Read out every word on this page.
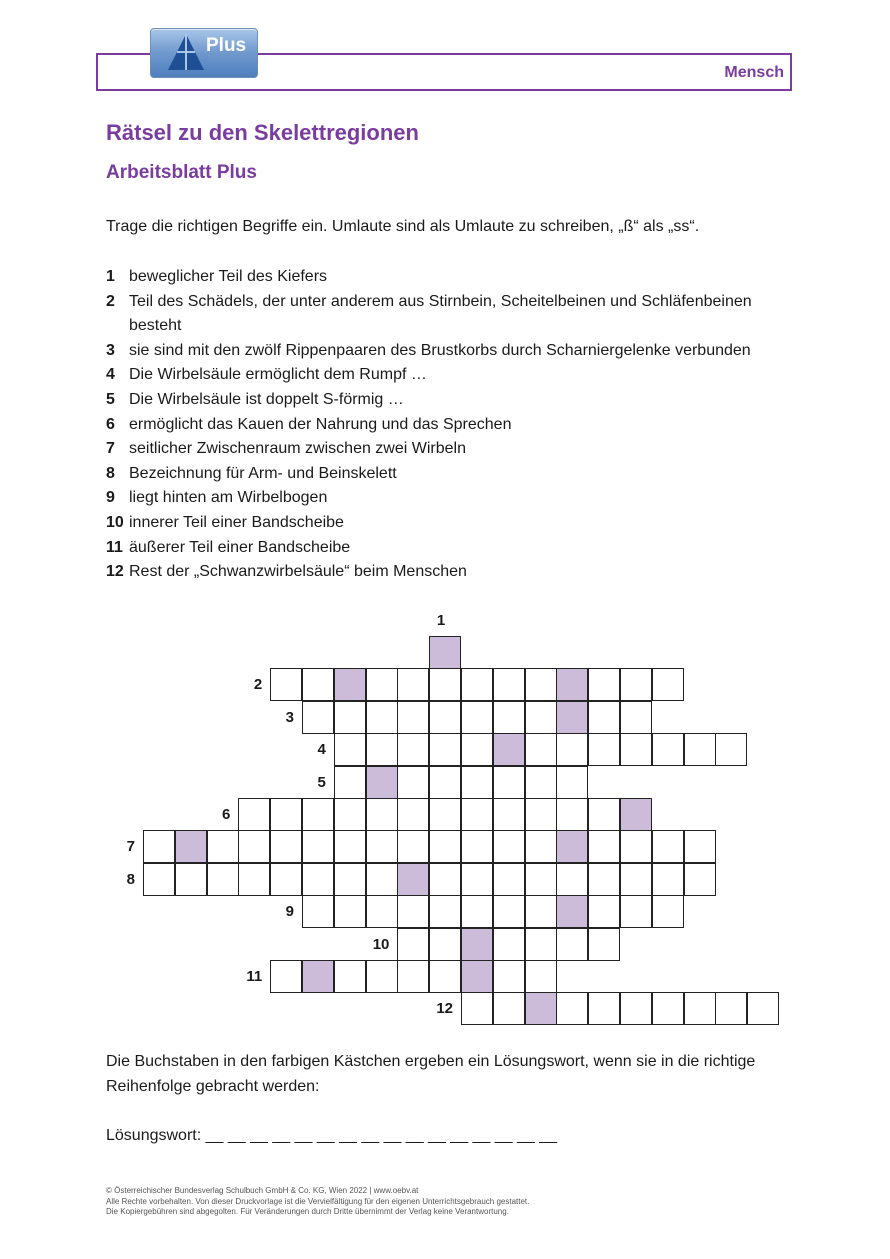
Plus
Mensch
Rätsel zu den Skelettregionen
Arbeitsblatt Plus
Trage die richtigen Begriffe ein. Umlaute sind als Umlaute zu schreiben, „ß“ als „ss“.
1 beweglicher Teil des Kiefers
2 Teil des Schädels, der unter anderem aus Stirnbein, Scheitelbeinen und Schläfenbeinen besteht
3 sie sind mit den zwölf Rippenpaaren des Brustkorbs durch Scharniergelenke verbunden
4 Die Wirbelsäule ermöglicht dem Rumpf …
5 Die Wirbelsäule ist doppelt S-förmig …
6 ermöglicht das Kauen der Nahrung und das Sprechen
7 seitlicher Zwischenraum zwischen zwei Wirbeln
8 Bezeichnung für Arm- und Beinskelett
9 liegt hinten am Wirbelbogen
10 innerer Teil einer Bandscheibe
11 äußerer Teil einer Bandscheibe
12 Rest der „Schwanzwirbelsäule“ beim Menschen
1
2
3
4
5
6
7
8
9
10
11
12
Die Buchstaben in den farbigen Kästchen ergeben ein Lösungswort, wenn sie in die richtige Reihenfolge gebracht werden:
Lösungswort: __ __ __ __ __ __ __ __ __ __ __ __ __ __ __ __
© Österreichischer Bundesverlag Schulbuch GmbH & Co. KG, Wien 2022 | www.oebv.at
Alle Rechte vorbehalten. Von dieser Druckvorlage ist die Vervielfältigung für den eigenen Unterrichtsgebrauch gestattet.
Die Kopiergebühren sind abgegolten. Für Veränderungen durch Dritte übernimmt der Verlag keine Verantwortung.
